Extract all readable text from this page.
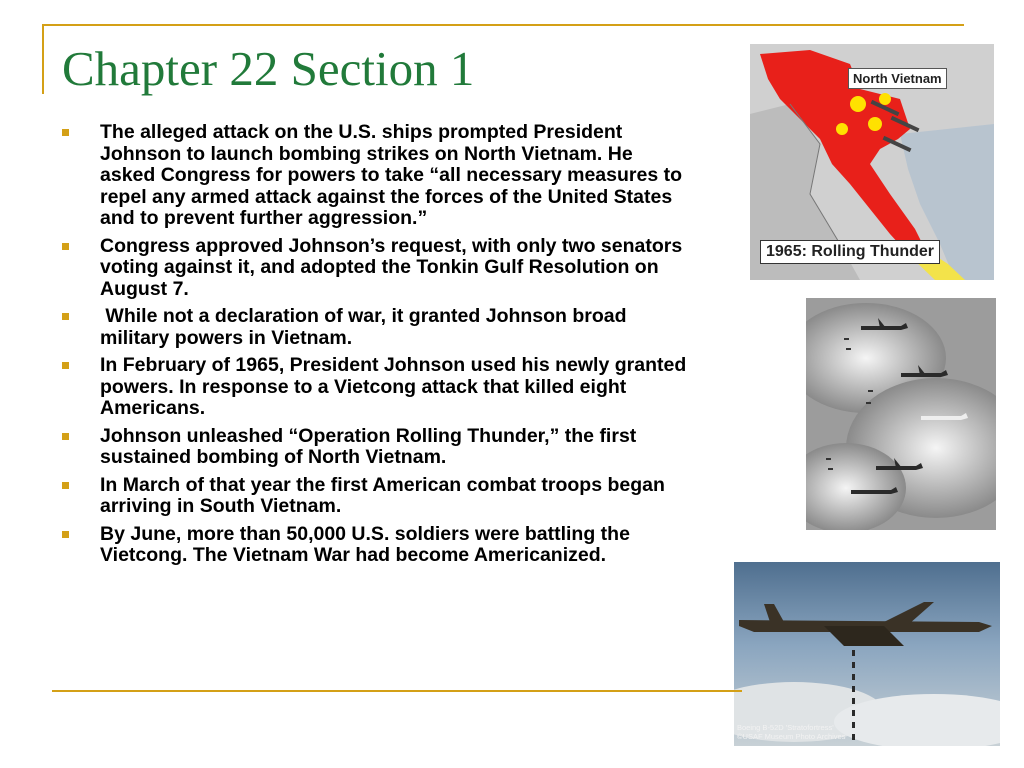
Chapter 22 Section 1
The alleged attack on the U.S. ships prompted President Johnson to launch bombing strikes on North Vietnam. He asked Congress for powers to take “all necessary measures to repel any armed attack against the forces of the United States and to prevent further aggression.”
Congress approved Johnson’s request, with only two senators voting against it, and adopted the Tonkin Gulf Resolution on August 7.
While not a declaration of war, it granted Johnson broad military powers in Vietnam.
In February of 1965, President Johnson used his newly granted powers. In response to a Vietcong attack that killed eight Americans.
Johnson unleashed “Operation Rolling Thunder,” the first sustained bombing of North Vietnam.
In March of that year the first American combat troops began arriving in South Vietnam.
By June, more than 50,000 U.S. soldiers were battling the Vietcong. The Vietnam War had become Americanized.
North Vietnam
1965: Rolling Thunder
Boeing B-52D 'Stratofortress'
©USAF Museum Photo Archives
